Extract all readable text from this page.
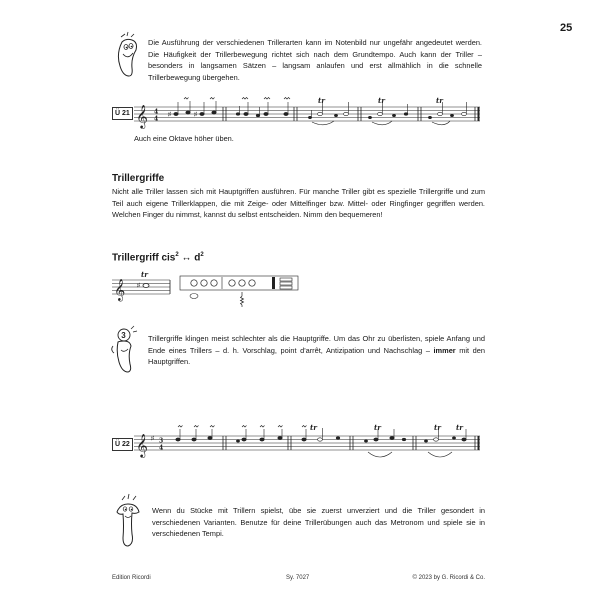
25

Die Ausführung der verschiedenen Trillerarten kann im Notenbild nur ungefähr angedeutet werden. Die Häufigkeit der Trillerbewegung richtet sich nach dem Grundtempo. Auch kann der Triller – besonders in langsamen Sätzen – langsam anlaufen und erst allmählich in die schnelle Trillerbewegung übergehen.

Ü 21 𝄞 4
4
♯	♯
tr	tr	tr
Auch eine Oktave höher üben.
Trillergriffe

Nicht alle Triller lassen sich mit Hauptgriffen ausführen. Für manche Triller gibt es spezielle Trillergriffe und zum Teil auch eigene Trillerklappen, die mit Zeige- oder Mittelfinger bzw. Mittel- oder Ringfinger gegriffen werden. Welchen Finger du nimmst, kannst du selbst entscheiden. Nimm den bequemeren!

Trillergriff cis$^2$ ↔ $d^2$
𝄞
tr
♯
3	Trillergriffe klingen meist schlechter als die Hauptgriffe. Um das Ohr zu überlisten, spiele Anfang und Ende eines Trillers – d. h. Vorschlag, point d'arrêt, Antizipation und Nachschlag – immer mit den Hauptgriffen.

Ü 22 𝄞 ♯ 3
4
tr	tr	tr tr

Wenn du Stücke mit Trillern spielst, übe sie zuerst unverziert und die Triller gesondert in verschiedenen Varianten. Benutze für deine Trillerübungen auch das Metronom und spiele sie in verschiedenen Tempi.

Edition Ricordi	Sy. 7027	© 2023 by G. Ricordi & Co.
